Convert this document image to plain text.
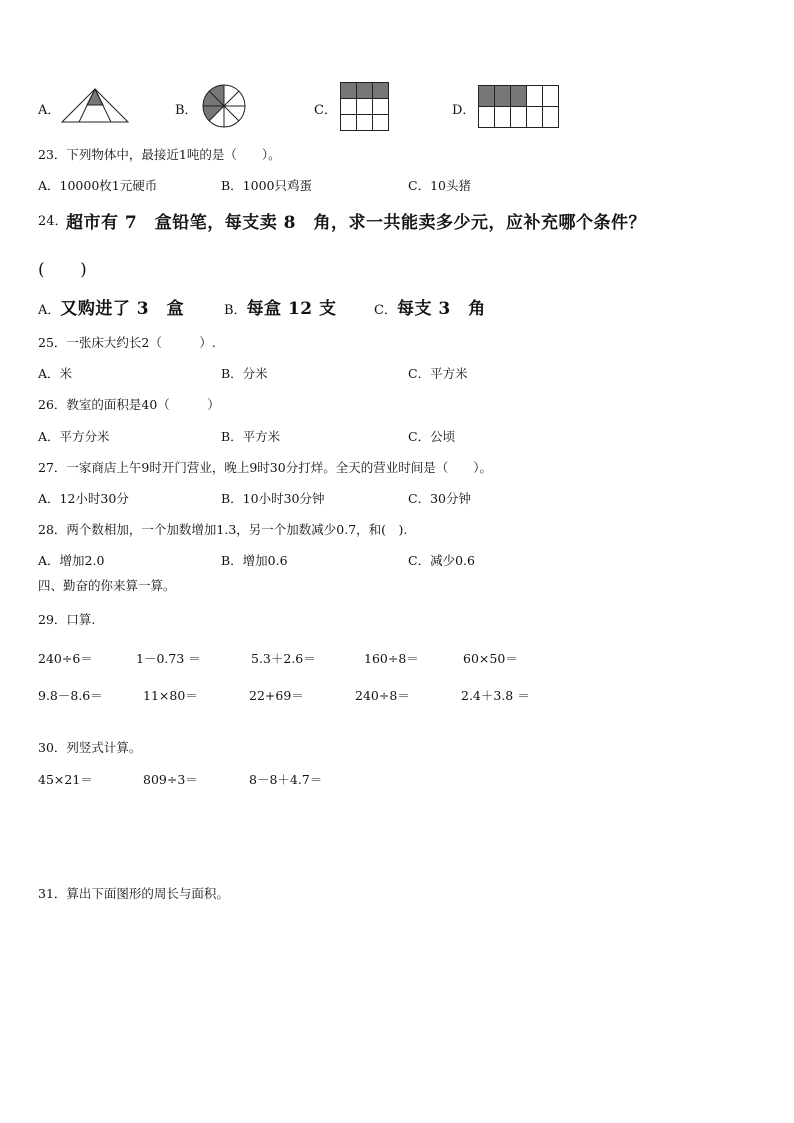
A．	B．	C．	D．
23．下列物体中，最接近1吨的是（　　）。
A．10000枚1元硬币	B．1000只鸡蛋	C．10头猪
24．
超市有 7　盒铅笔，每支卖 8　角，求一共能卖多少元，应补充哪个条件？
(　　)
A．又购进了 3　盒	B．每盒 12 支	C．每支 3　角
25．一张床大约长2（　　　）.
A．米	B．分米	C．平方米
26．教室的面积是40（　　　）
A．平方分米	B．平方米	C．公顷
27．一家商店上午9时开门营业，晚上9时30分打烊。全天的营业时间是（　　）。
A．12小时30分	B．10小时30分钟	C．30分钟
28．两个数相加，一个加数增加1.3，另一个加数减少0.7，和(　).
A．增加2.0	B．增加0.6	C．减少0.6
四、勤奋的你来算一算。
29．口算.
240÷6＝	1－0.73 ＝	5.3＋2.6＝	160÷8＝	60×50＝
9.8－8.6＝	11×80＝	22+69＝	240÷8＝	2.4＋3.8 ＝
30．列竖式计算。
45×21＝	809÷3＝	8－8＋4.7＝
31．算出下面图形的周长与面积。
